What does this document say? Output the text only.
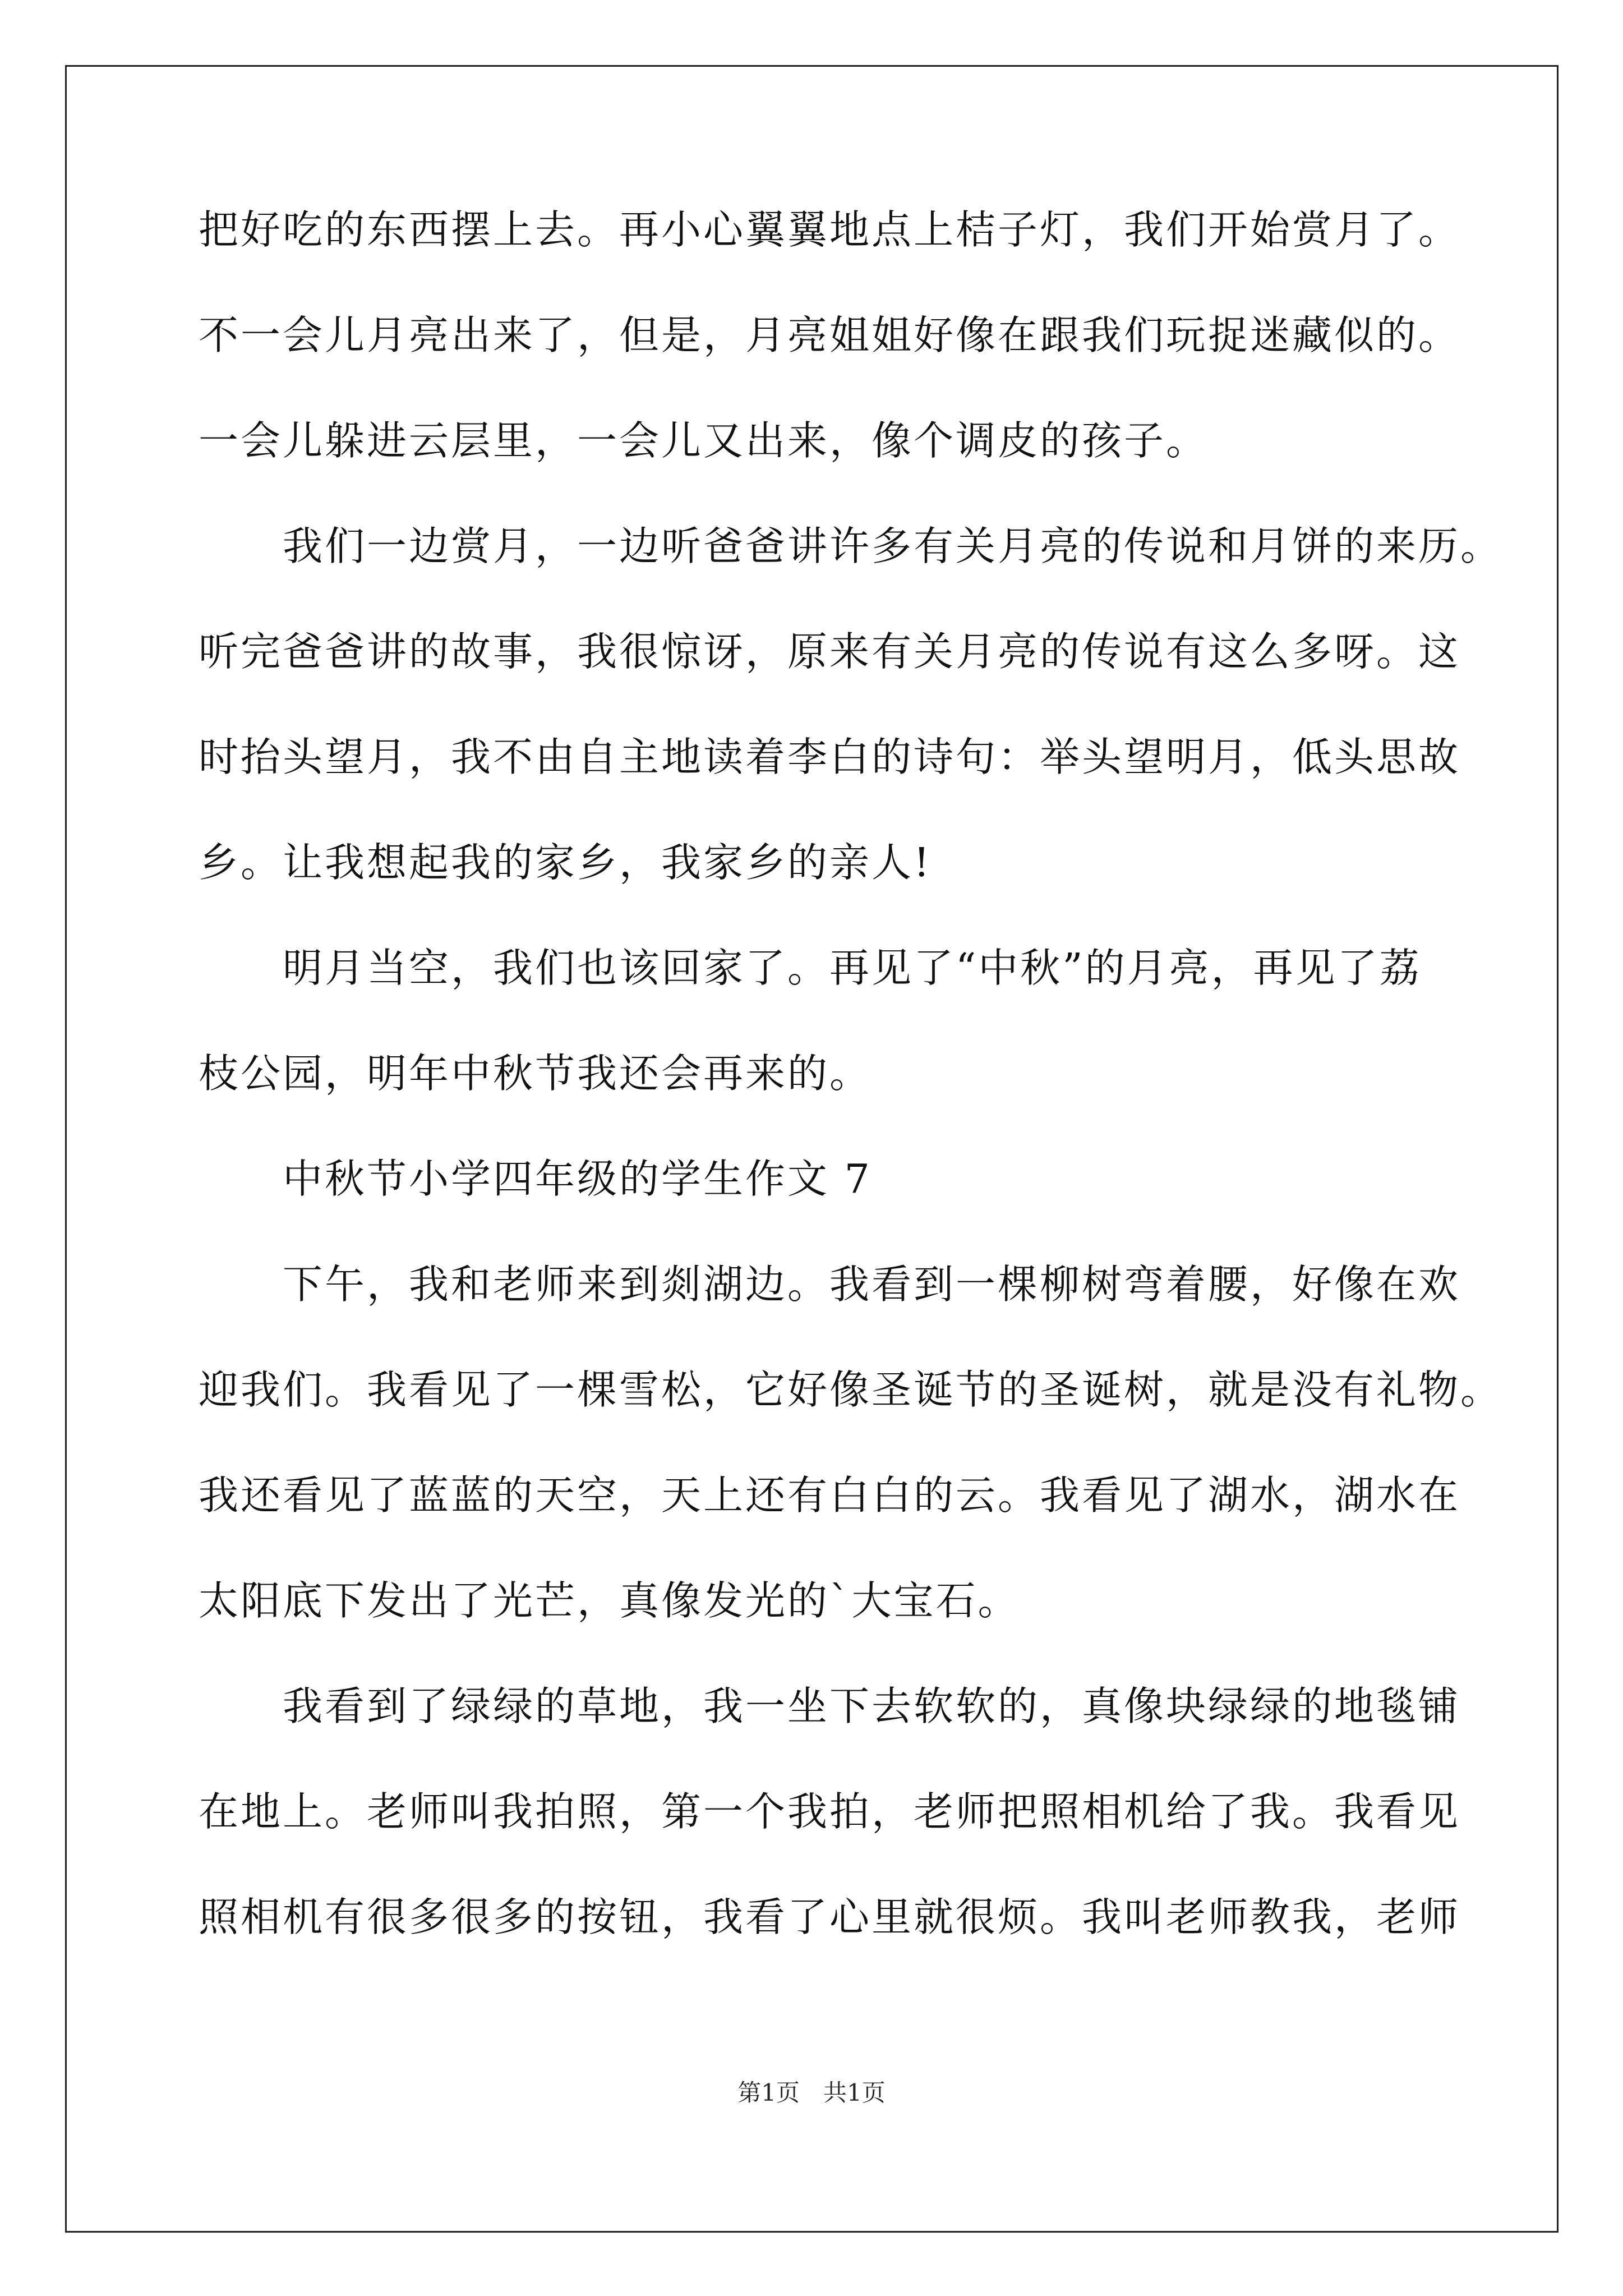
把好吃的东西摆上去。再小心翼翼地点上桔子灯，我们开始赏月了。
不一会儿月亮出来了，但是，月亮姐姐好像在跟我们玩捉迷藏似的。
一会儿躲进云层里，一会儿又出来，像个调皮的孩子。
我们一边赏月，一边听爸爸讲许多有关月亮的传说和月饼的来历。
听完爸爸讲的故事，我很惊讶，原来有关月亮的传说有这么多呀。这
时抬头望月，我不由自主地读着李白的诗句：举头望明月，低头思故
乡。让我想起我的家乡，我家乡的亲人!
明月当空，我们也该回家了。再见了“中秋”的月亮，再见了荔
枝公园，明年中秋节我还会再来的。
中秋节小学四年级的学生作文 7
下午，我和老师来到剡湖边。我看到一棵柳树弯着腰，好像在欢
迎我们。我看见了一棵雪松，它好像圣诞节的圣诞树，就是没有礼物。
我还看见了蓝蓝的天空，天上还有白白的云。我看见了湖水，湖水在
太阳底下发出了光芒，真像发光的`大宝石。
我看到了绿绿的草地，我一坐下去软软的，真像块绿绿的地毯铺
在地上。老师叫我拍照，第一个我拍，老师把照相机给了我。我看见
照相机有很多很多的按钮，我看了心里就很烦。我叫老师教我，老师
第1页　共1页
